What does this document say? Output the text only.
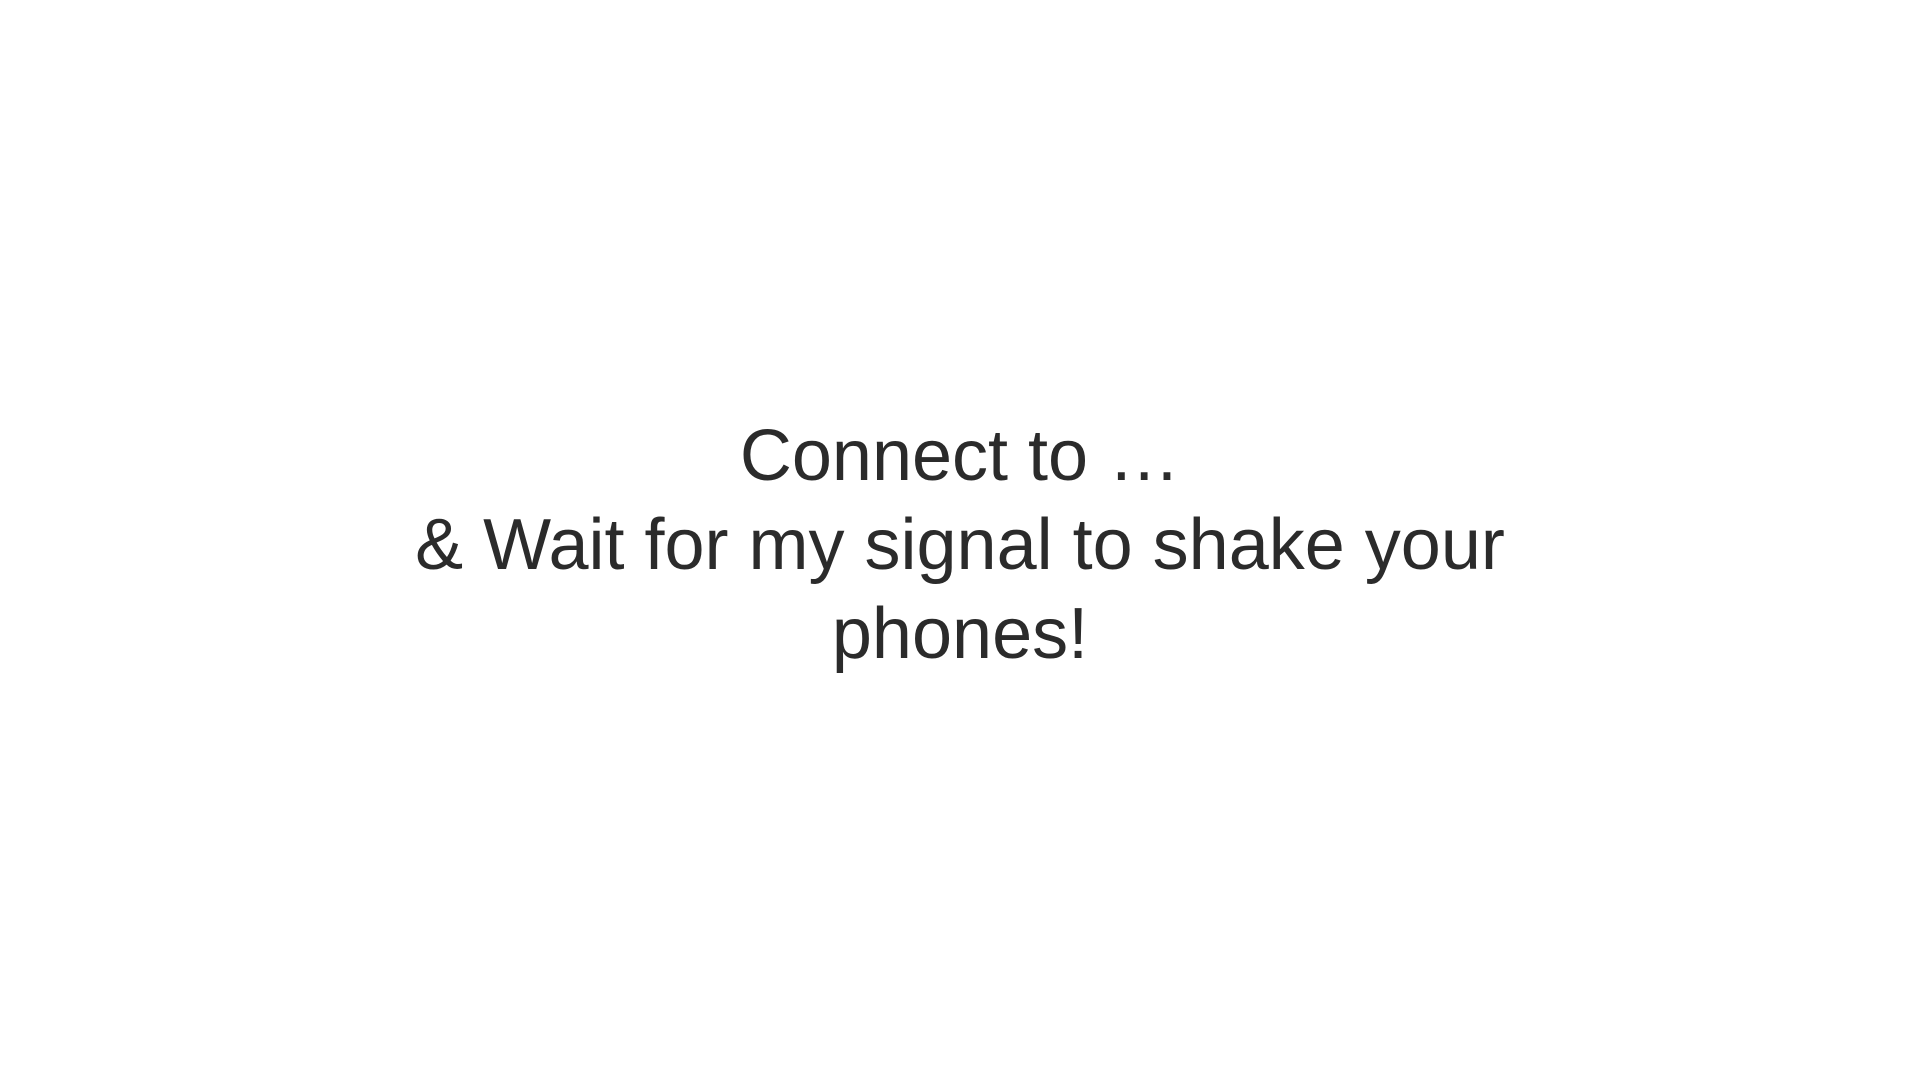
Connect to …
& Wait for my signal to shake your phones!
